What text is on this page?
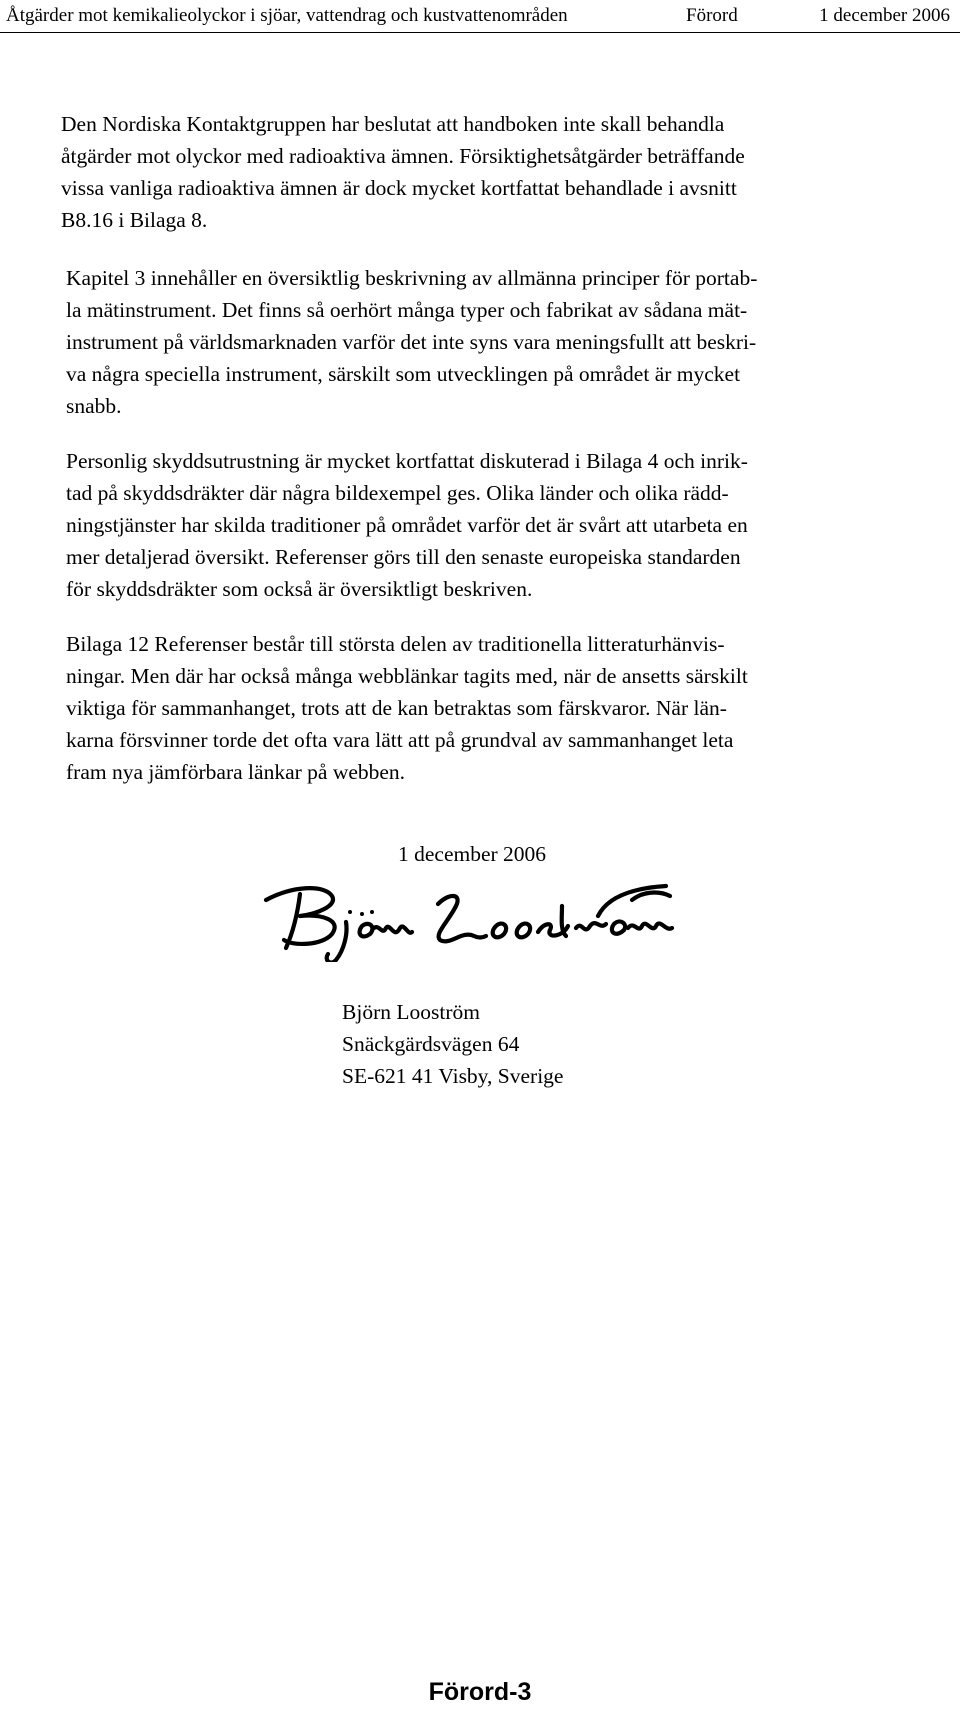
Åtgärder mot kemikalieolyckor i sjöar, vattendrag och kustvattenområden	Förord	1 december 2006

Den Nordiska Kontaktgruppen har beslutat att handboken inte skall behandla
åtgärder mot olyckor med radioaktiva ämnen. Försiktighetsåtgärder beträffande
vissa vanliga radioaktiva ämnen är dock mycket kortfattat behandlade i avsnitt
B8.16 i Bilaga 8.

Kapitel 3 innehåller en översiktlig beskrivning av allmänna principer för portab-
la mätinstrument. Det finns så oerhört många typer och fabrikat av sådana mät-
instrument på världsmarknaden varför det inte syns vara meningsfullt att beskri-
va några speciella instrument, särskilt som utvecklingen på området är mycket
snabb.

Personlig skyddsutrustning är mycket kortfattat diskuterad i Bilaga 4 och inrik-
tad på skyddsdräkter där några bildexempel ges. Olika länder och olika rädd-
ningstjänster har skilda traditioner på området varför det är svårt att utarbeta en
mer detaljerad översikt. Referenser görs till den senaste europeiska standarden
för skyddsdräkter som också är översiktligt beskriven.

Bilaga 12 Referenser består till största delen av traditionella litteraturhänvis-
ningar. Men där har också många webblänkar tagits med, när de ansetts särskilt
viktiga för sammanhanget, trots att de kan betraktas som färskvaror. När län-
karna försvinner torde det ofta vara lätt att på grundval av sammanhanget leta
fram nya jämförbara länkar på webben.

1 december 2006
Björn Looström
Snäckgärdsvägen 64
SE-621 41 Visby, Sverige
Förord-3
